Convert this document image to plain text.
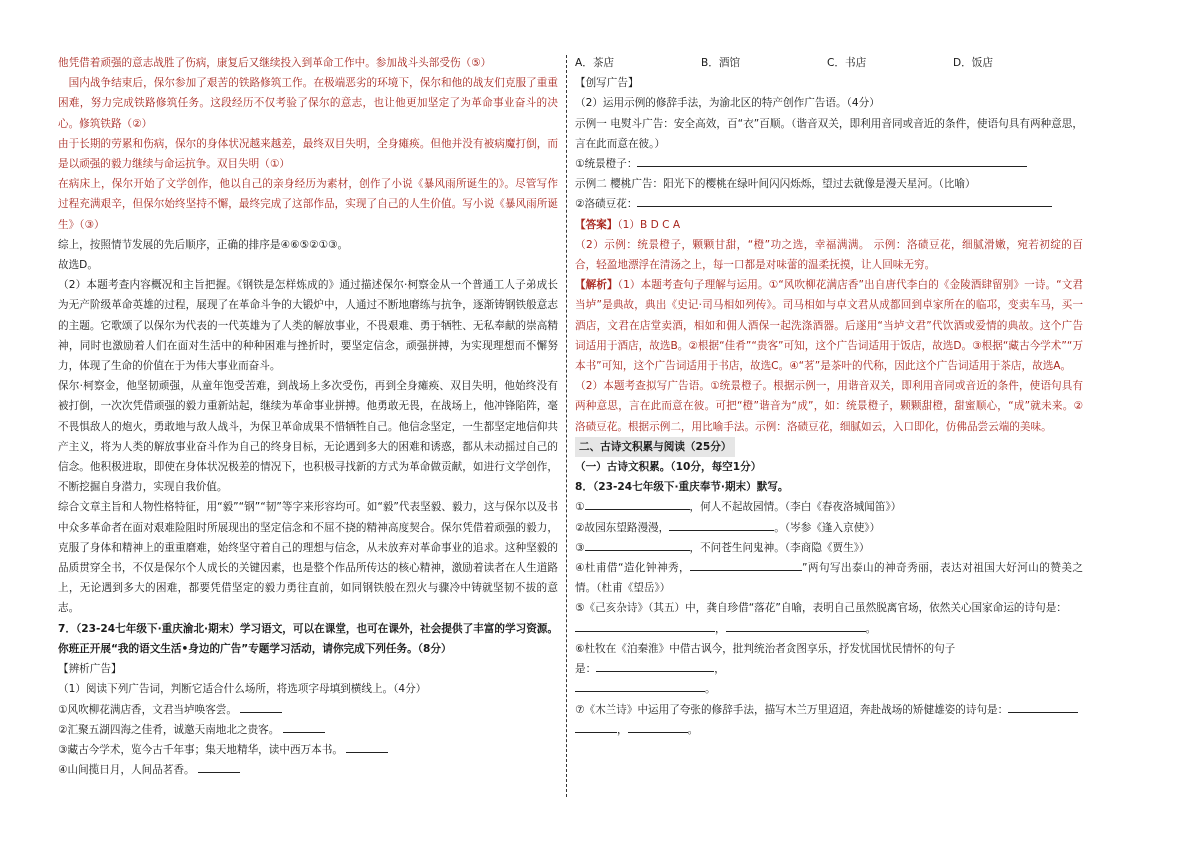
他凭借着顽强的意志战胜了伤病，康复后又继续投入到革命工作中。参加战斗头部受伤（⑤）

国内战争结束后，保尔参加了艰苦的铁路修筑工作。在极端恶劣的环境下，保尔和他的战友们克服了重重困难，努力完成铁路修筑任务。这段经历不仅考验了保尔的意志，也让他更加坚定了为革命事业奋斗的决心。修筑铁路（②）

由于长期的劳累和伤病，保尔的身体状况越来越差，最终双目失明，全身瘫痪。但他并没有被病魔打倒，而是以顽强的毅力继续与命运抗争。双目失明（①）

在病床上，保尔开始了文学创作，他以自己的亲身经历为素材，创作了小说《暴风雨所诞生的》。尽管写作过程充满艰辛，但保尔始终坚持不懈，最终完成了这部作品，实现了自己的人生价值。写小说《暴风雨所诞生》（③）

综上，按照情节发展的先后顺序，正确的排序是④⑥⑤②①③。

故选D。

（2）本题考查内容概况和主旨把握。《钢铁是怎样炼成的》通过描述保尔·柯察金从一个普通工人子弟成长为无产阶级革命英雄的过程，展现了在革命斗争的大锻炉中，人通过不断地磨练与抗争，逐渐铸钢铁般意志的主题。它歌颂了以保尔为代表的一代英雄为了人类的解放事业，不畏艰难、勇于牺牲、无私奉献的崇高精神，同时也激励着人们在面对生活中的种种困难与挫折时，要坚定信念，顽强拼搏，为实现理想而不懈努力，体现了生命的价值在于为伟大事业而奋斗。

保尔·柯察金，他坚韧顽强，从童年饱受苦难，到战场上多次受伤，再到全身瘫痪、双目失明，他始终没有被打倒，一次次凭借顽强的毅力重新站起，继续为革命事业拼搏。他勇敢无畏，在战场上，他冲锋陷阵，毫不畏惧敌人的炮火，勇敢地与敌人战斗，为保卫革命成果不惜牺牲自己。他信念坚定，一生都坚定地信仰共产主义，将为人类的解放事业奋斗作为自己的终身目标，无论遇到多大的困难和诱惑，都从未动摇过自己的信念。他积极进取，即使在身体状况极差的情况下，也积极寻找新的方式为革命做贡献，如进行文学创作，不断挖掘自身潜力，实现自我价值。

综合文章主旨和人物性格特征，用“毅”“钢”“韧”等字来形容均可。如“毅”代表坚毅、毅力，这与保尔以及书中众多革命者在面对艰难险阻时所展现出的坚定信念和不屈不挠的精神高度契合。保尔凭借着顽强的毅力，克服了身体和精神上的重重磨难，始终坚守着自己的理想与信念，从未放弃对革命事业的追求。这种坚毅的品质贯穿全书，不仅是保尔个人成长的关键因素，也是整个作品所传达的核心精神，激励着读者在人生道路上，无论遇到多大的困难，都要凭借坚定的毅力勇往直前，如同钢铁般在烈火与骤冷中铸就坚韧不拔的意志。

7．（23-24七年级下·重庆渝北·期末）学习语文，可以在课堂，也可在课外，社会提供了丰富的学习资源。你班正开展“我的语文生活•身边的广告”专题学习活动，请你完成下列任务。（8分）

【辨析广告】

（1）阅读下列广告词，判断它适合什么场所，将选项字母填到横线上。（4分）

①风吹柳花满店香，文君当垆唤客尝。

②汇聚五湖四海之佳肴，诚邀天南地北之贵客。

③藏古今学术，览今古千年事；集天地精华，读中西万本书。

④山间揽日月，人间品茗香。

A．茶店	B．酒馆	C．书店	D．饭店

【创写广告】

（2）运用示例的修辞手法，为渝北区的特产创作广告语。（4分）

示例一 电熨斗广告：安全高效，百“衣”百顺。（谐音双关，即利用音同或音近的条件，使语句具有两种意思，言在此而意在彼。）

①统景橙子：

示例二 樱桃广告：阳光下的樱桃在绿叶间闪闪烁烁，望过去就像是漫天星河。（比喻）

②洛碛豆花：

【答案】（1）B D C A

（2）示例：统景橙子，颗颗甘甜，“橙”功之选，幸福满满。 示例：洛碛豆花，细腻滑嫩，宛若初绽的百合，轻盈地漂浮在清汤之上，每一口都是对味蕾的温柔抚摸，让人回味无穷。

【解析】（1）本题考查句子理解与运用。①“风吹柳花满店香”出自唐代李白的《金陵酒肆留别》一诗。“文君当垆”是典故，典出《史记·司马相如列传》。司马相如与卓文君从成都回到卓家所在的临邛，变卖车马，买一酒店，文君在店堂卖酒，相如和佣人酒保一起洗涤酒器。后遂用“当垆文君”代饮酒或爱情的典故。这个广告词适用于酒店，故选B。②根据“佳肴”“贵客”可知，这个广告词适用于饭店，故选D。③根据“藏古今学术”“万本书”可知，这个广告词适用于书店，故选C。④“茗”是茶叶的代称，因此这个广告词适用于茶店，故选A。

（2）本题考查拟写广告语。①统景橙子。根据示例一，用谐音双关，即利用音同或音近的条件，使语句具有两种意思，言在此而意在彼。可把“橙”谐音为“成”，如：统景橙子，颗颗甜橙，甜蜜顺心，“成”就未来。②洛碛豆花。根据示例二，用比喻手法。示例：洛碛豆花，细腻如云，入口即化，仿佛品尝云端的美味。

二、古诗文积累与阅读（25分）

（一）古诗文积累。（10分，每空1分）

8．（23-24七年级下·重庆奉节·期末）默写。

①	，何人不起故园情。（李白《春夜洛城闻笛》）

②故园东望路漫漫，	。（岑参《逢入京使》）

③	，不问苍生问鬼神。（李商隐《贾生》）

④杜甫借“造化钟神秀，	”两句写出泰山的神奇秀丽，表达对祖国大好河山的赞美之情。（杜甫《望岳》）

⑤《己亥杂诗》（其五）中，龚自珍借“落花”自喻，表明自己虽然脱离官场，依然关心国家命运的诗句是：
，	。

⑥杜牧在《泊秦淮》中借古讽今，批判统治者贪图享乐，抒发忧国忧民情怀的句子
是：	，
。

⑦《木兰诗》中运用了夸张的修辞手法，描写木兰万里迢迢，奔赴战场的矫健雄姿的诗句是：
，	。
